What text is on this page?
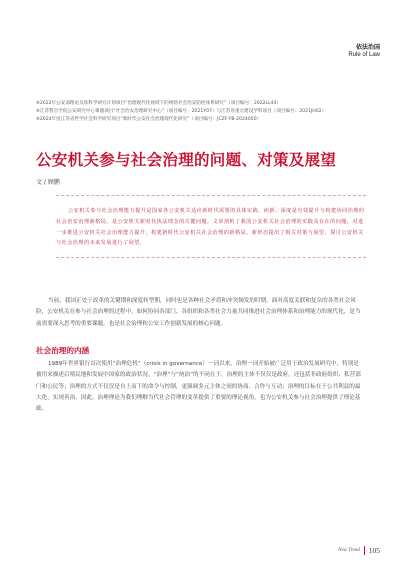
依法治国
Rule of Law
※2022年公安部理论及软科学研究计划项目“治理现代化视域下的网络社会治安防控体系研究”（项目编号：2022LL44）
※江苏警官学院公安研究中心课题项目“社会治安治理研究中心”（项目编号：2021Y07）与江苏省重点建设学科项目（项目编号：2021JH02）
※2024年度江苏省哲学社会科学研究项目“新时代公安社会治理现代化研究”（项目编号：JCZF-YB-2024050）
公安机关参与社会治理的问题、对策及展望
文 / 顾鹏

公安机关参与社会治理能力提升是国家各公安机关适应新时代需要的具体实践，而新、深度是有效提升与构建协同治理的社会治安治理新格局。是公安机关新时代执法理念的关键问题。文章剖析了我国公安机关社会治理的实践及存在的问题，对进一步推进公安机关社会治理能力提升，构建新时代公安机关社会治理的新格局、新形态提出了相关对策与展望，探讨公安机关与社会治理的未来发展进行了展望。

当前，我国正处于改革的关键期和深度转型期，同时也是各种社会矛盾和冲突频发的时期。面对高度关联和复杂的各类社会风险，公安机关在参与社会治理的过程中，如何协同各部门、各组织和各类社会力量共同推进社会治理体系和治理能力的现代化，是当前需要深入思考的重要课题。也是社会治理和公安工作创新发展的核心问题。

社会治理的内涵

1989年世界银行首次使用“治理危机”（crisis in governance）一词以来，治理一词开始被广泛用于政治发展研究中，特别是被用来描述后殖民地和发展中国家的政治状况。“治理”与“统治”的不同在于，治理的主体不仅仅是政府，还包括非政府组织、私营部门和公民等；治理的方式不仅仅是自上而下的命令与控制，更强调多元主体之间的协商、合作与互动；治理的目标在于公共利益的最大化，实现善治。因此，治理理论为我们理解当代社会管理的变革提供了重要的理论视角，也为公安机关参与社会治理提供了理论基础。

New Trend 105
